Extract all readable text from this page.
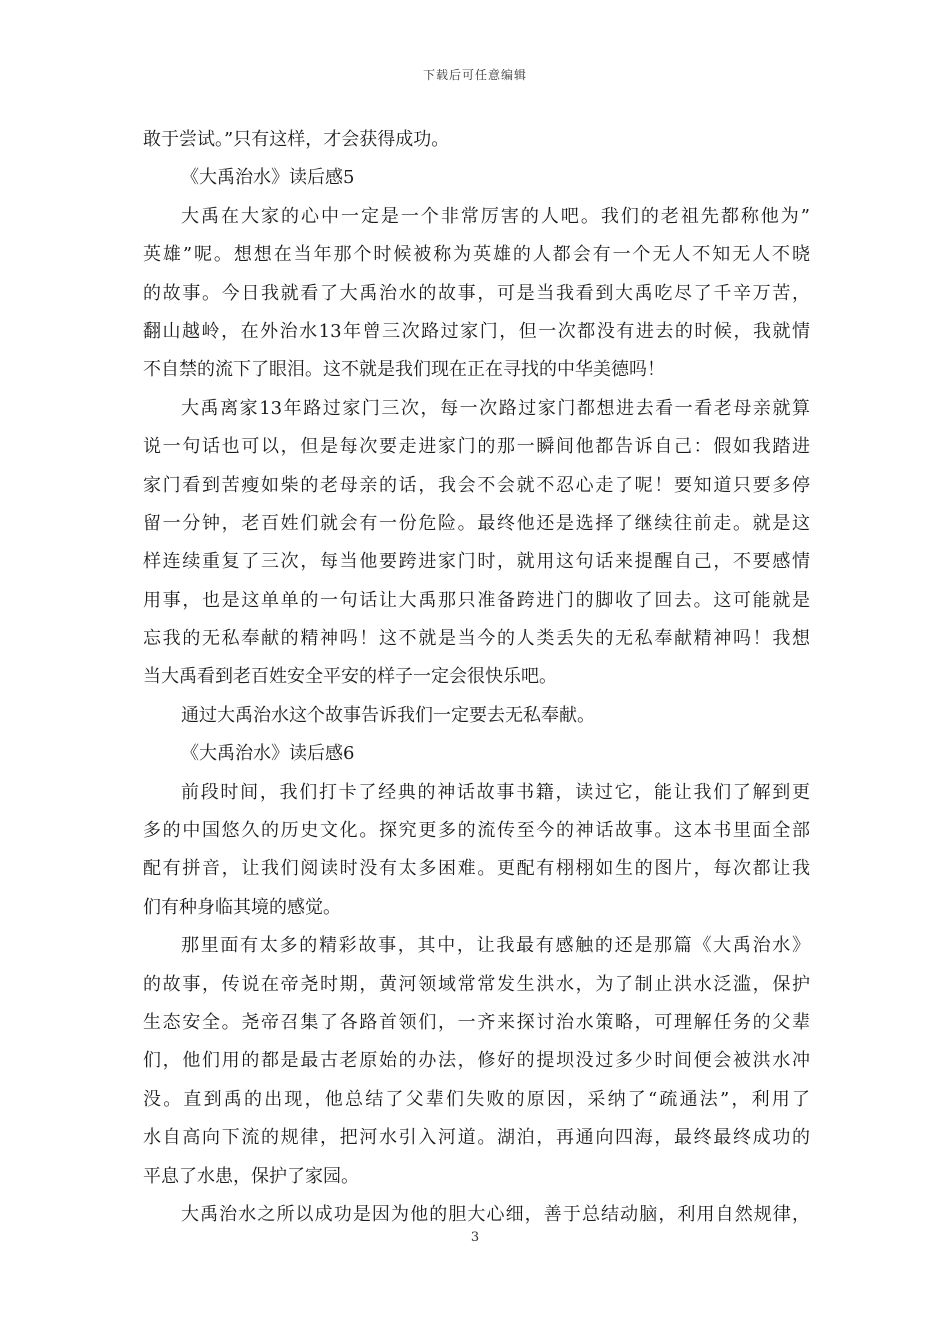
下载后可任意编辑
敢于尝试。”只有这样，才会获得成功。
《大禹治水》读后感5
大禹在大家的心中一定是一个非常厉害的人吧。我们的老祖先都称他为”
英雄”呢。想想在当年那个时候被称为英雄的人都会有一个无人不知无人不晓
的故事。今日我就看了大禹治水的故事，可是当我看到大禹吃尽了千辛万苦，
翻山越岭，在外治水13年曾三次路过家门，但一次都没有进去的时候，我就情
不自禁的流下了眼泪。这不就是我们现在正在寻找的中华美德吗！
大禹离家13年路过家门三次，每一次路过家门都想进去看一看老母亲就算
说一句话也可以，但是每次要走进家门的那一瞬间他都告诉自己：假如我踏进
家门看到苦瘦如柴的老母亲的话，我会不会就不忍心走了呢！要知道只要多停
留一分钟，老百姓们就会有一份危险。最终他还是选择了继续往前走。就是这
样连续重复了三次，每当他要跨进家门时，就用这句话来提醒自己，不要感情
用事，也是这单单的一句话让大禹那只准备跨进门的脚收了回去。这可能就是
忘我的无私奉献的精神吗！这不就是当今的人类丢失的无私奉献精神吗！我想
当大禹看到老百姓安全平安的样子一定会很快乐吧。
通过大禹治水这个故事告诉我们一定要去无私奉献。
《大禹治水》读后感6
前段时间，我们打卡了经典的神话故事书籍，读过它，能让我们了解到更
多的中国悠久的历史文化。探究更多的流传至今的神话故事。这本书里面全部
配有拼音，让我们阅读时没有太多困难。更配有栩栩如生的图片，每次都让我
们有种身临其境的感觉。
那里面有太多的精彩故事，其中，让我最有感触的还是那篇《大禹治水》
的故事，传说在帝尧时期，黄河领域常常发生洪水，为了制止洪水泛滥，保护
生态安全。尧帝召集了各路首领们，一齐来探讨治水策略，可理解任务的父辈
们，他们用的都是最古老原始的办法，修好的提坝没过多少时间便会被洪水冲
没。直到禹的出现，他总结了父辈们失败的原因，采纳了“疏通法”，利用了
水自高向下流的规律，把河水引入河道。湖泊，再通向四海，最终最终成功的
平息了水患，保护了家园。
大禹治水之所以成功是因为他的胆大心细，善于总结动脑，利用自然规律，
3
